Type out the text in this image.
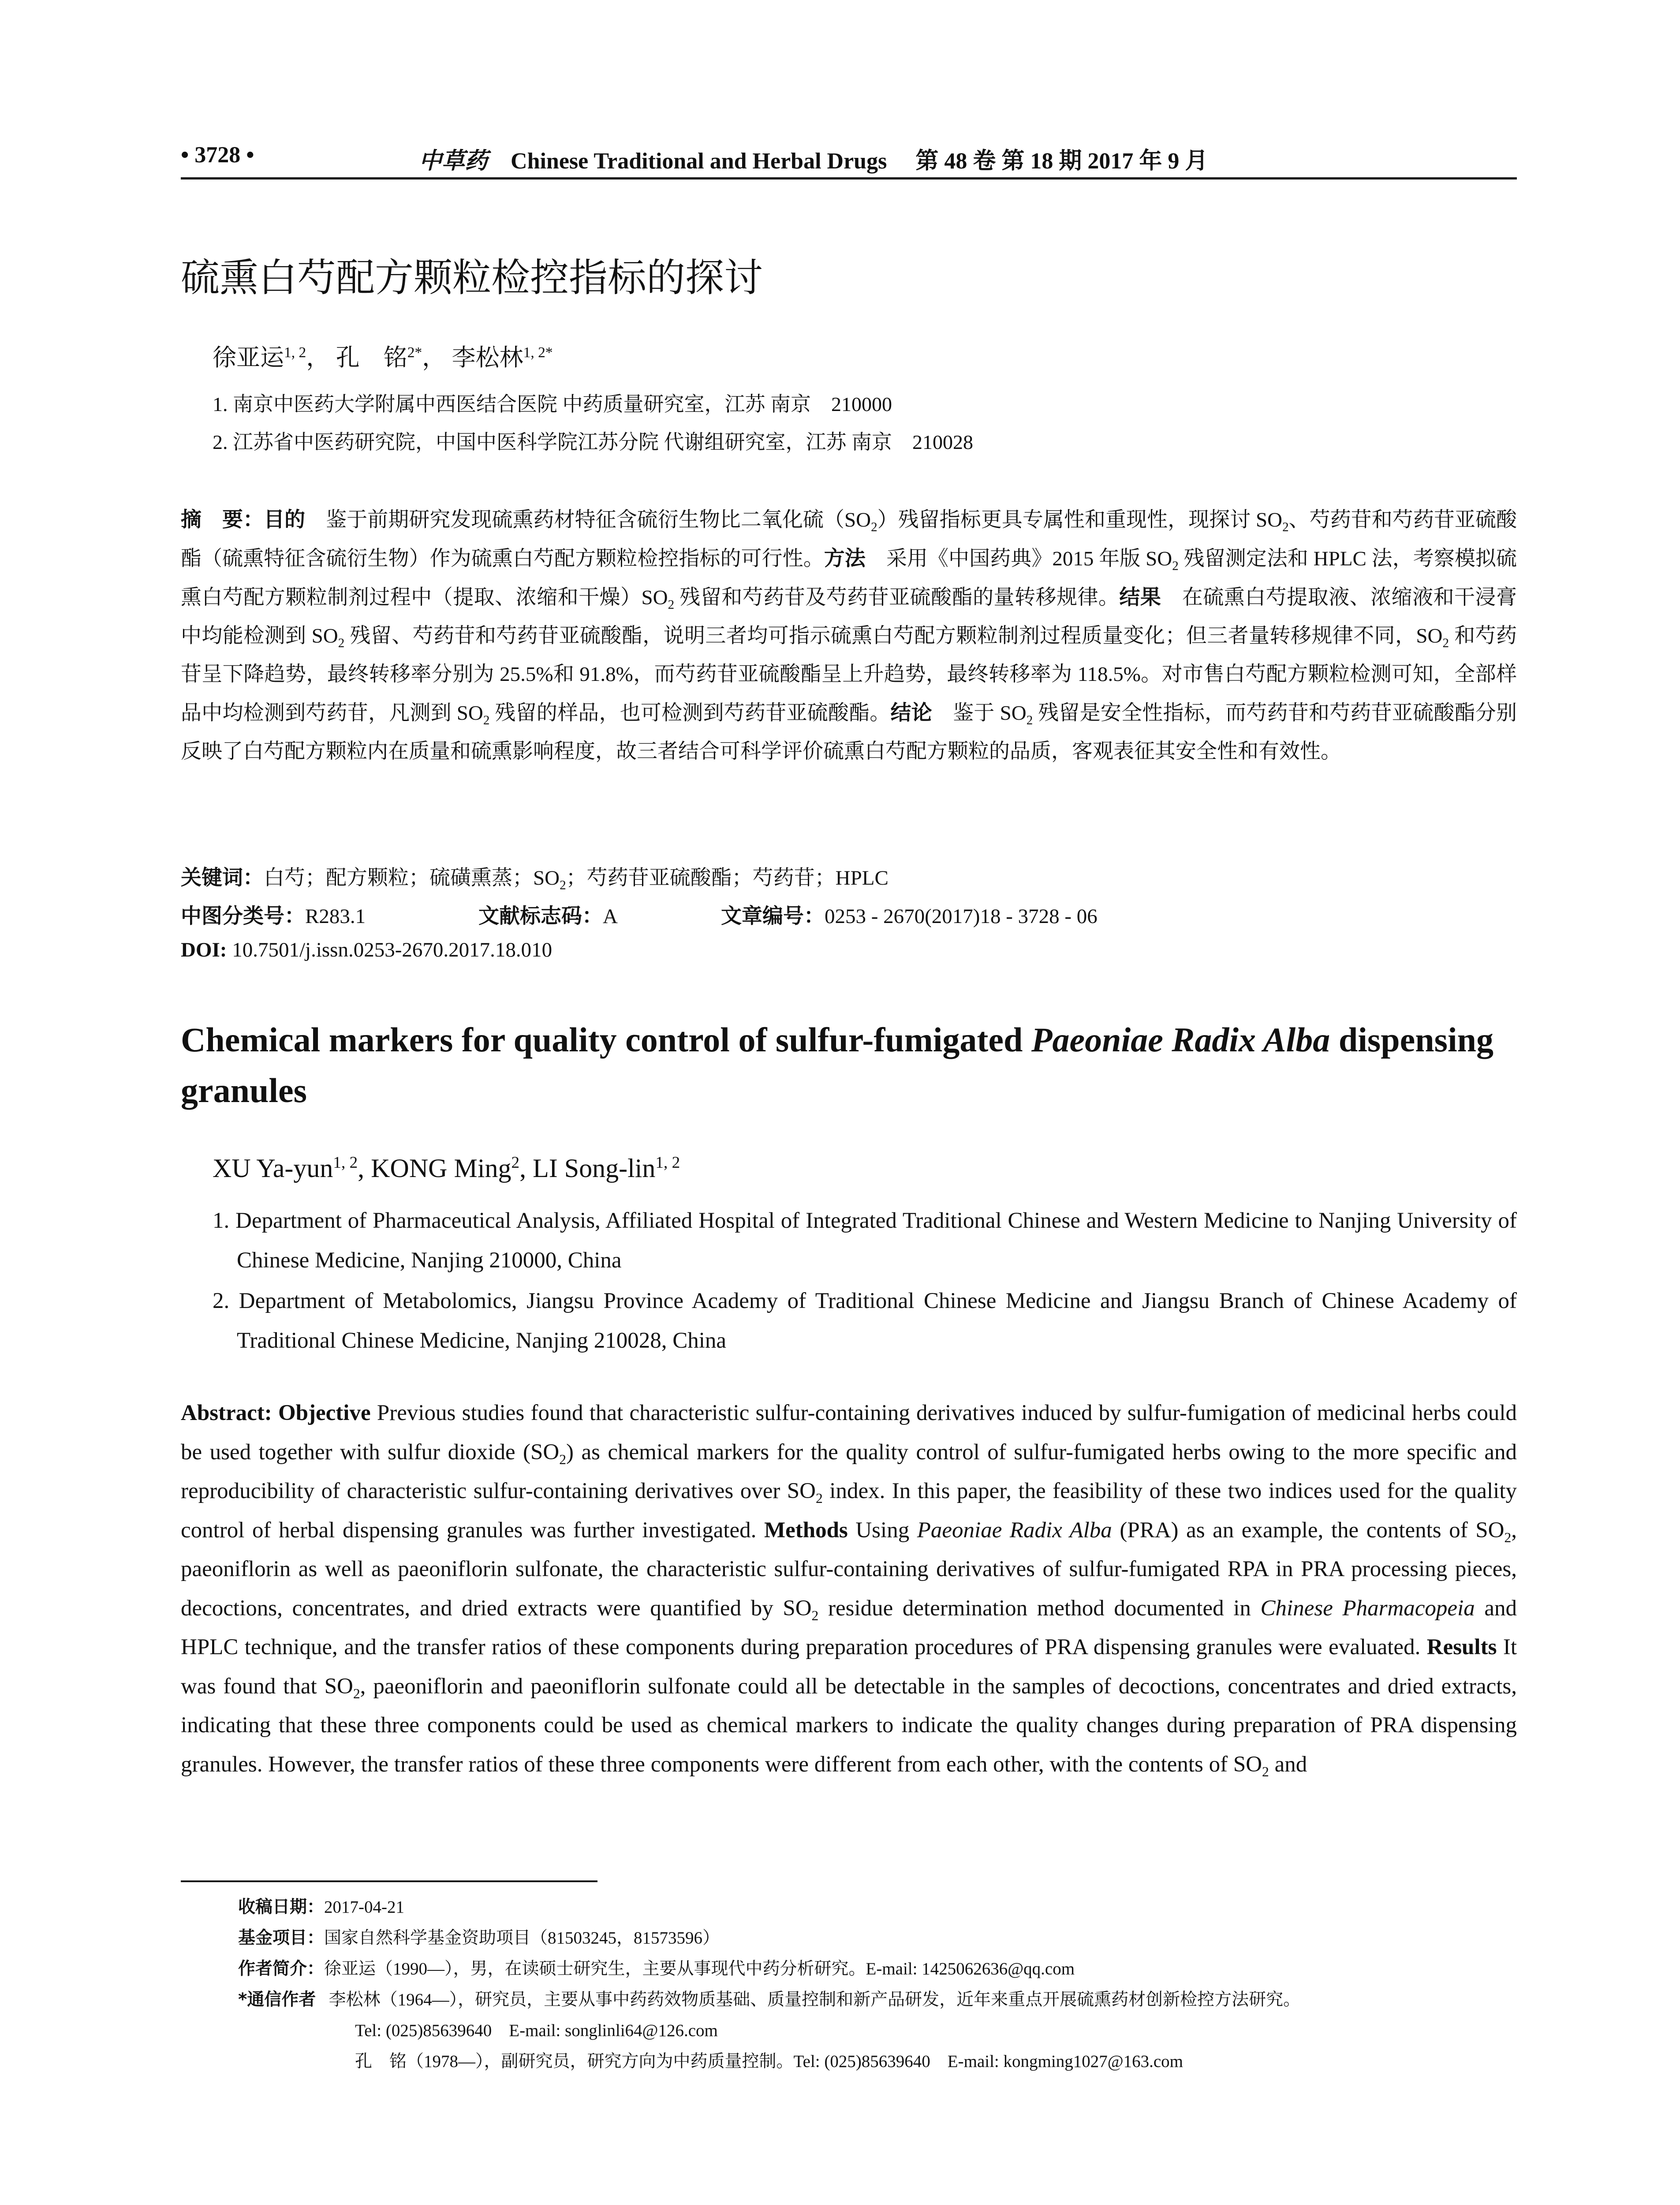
• 3728 •	中草药 Chinese Traditional and Herbal Drugs 第 48 卷 第 18 期 2017 年 9 月
硫熏白芍配方颗粒检控指标的探讨
徐亚运$^{1, 2}$， 孔　铭$^{2*}$， 李松林$^{1, 2*}$
1. 南京中医药大学附属中西医结合医院 中药质量研究室，江苏 南京　210000
2. 江苏省中医药研究院，中国中医科学院江苏分院 代谢组研究室，江苏 南京　210028
摘　要：目的　鉴于前期研究发现硫熏药材特征含硫衍生物比二氧化硫$(SO_2)$残留指标更具专属性和重现性，现探讨 $SO_2$、芍药苷和芍药苷亚硫酸酯（硫熏特征含硫衍生物）作为硫熏白芍配方颗粒检控指标的可行性。方法　采用《中国药典》2015 年版 $SO_2$ 残留测定法和 HPLC 法，考察模拟硫熏白芍配方颗粒制剂过程中（提取、浓缩和干燥）$SO_2$ 残留和芍药苷及芍药苷亚硫酸酯的量转移规律。结果　在硫熏白芍提取液、浓缩液和干浸膏中均能检测到 $SO_2$ 残留、芍药苷和芍药苷亚硫酸酯，说明三者均可指示硫熏白芍配方颗粒制剂过程质量变化；但三者量转移规律不同，$SO_2$ 和芍药苷呈下降趋势，最终转移率分别为 25.5%和 91.8%，而芍药苷亚硫酸酯呈上升趋势，最终转移率为 118.5%。对市售白芍配方颗粒检测可知，全部样品中均检测到芍药苷，凡测到 $SO_2$ 残留的样品，也可检测到芍药苷亚硫酸酯。结论　鉴于 $SO_2$ 残留是安全性指标，而芍药苷和芍药苷亚硫酸酯分别反映了白芍配方颗粒内在质量和硫熏影响程度，故三者结合可科学评价硫熏白芍配方颗粒的品质，客观表征其安全性和有效性。
关键词：白芍；配方颗粒；硫磺熏蒸；$SO_2$；芍药苷亚硫酸酯；芍药苷；HPLC
中图分类号：R283.1	文献标志码：A	文章编号：0253 - 2670(2017)18 - 3728 - 06
DOI: 10.7501/j.issn.0253-2670.2017.18.010
Chemical markers for quality control of sulfur-fumigated Paeoniae Radix Alba dispensing granules
XU Ya-yun$^{1, 2}$, KONG Ming$^2$, LI Song-lin$^{1, 2}$
1. Department of Pharmaceutical Analysis, Affiliated Hospital of Integrated Traditional Chinese and Western Medicine to Nanjing University of Chinese Medicine, Nanjing 210000, China
2. Department of Metabolomics, Jiangsu Province Academy of Traditional Chinese Medicine and Jiangsu Branch of Chinese Academy of Traditional Chinese Medicine, Nanjing 210028, China
Abstract: Objective Previous studies found that characteristic sulfur-containing derivatives induced by sulfur-fumigation of medicinal herbs could be used together with sulfur dioxide $(SO_2)$ as chemical markers for the quality control of sulfur-fumigated herbs owing to the more specific and reproducibility of characteristic sulfur-containing derivatives over $SO_2$ index. In this paper, the feasibility of these two indices used for the quality control of herbal dispensing granules was further investigated. Methods Using Paeoniae Radix Alba (PRA) as an example, the contents of $SO_2$, paeoniflorin as well as paeoniflorin sulfonate, the characteristic sulfur-containing derivatives of sulfur-fumigated RPA in PRA processing pieces, decoctions, concentrates, and dried extracts were quantified by $SO_2$ residue determination method documented in Chinese Pharmacopeia and HPLC technique, and the transfer ratios of these components during preparation procedures of PRA dispensing granules were evaluated. Results It was found that $SO_2$, paeoniflorin and paeoniflorin sulfonate could all be detectable in the samples of decoctions, concentrates and dried extracts, indicating that these three components could be used as chemical markers to indicate the quality changes during preparation of PRA dispensing granules. However, the transfer ratios of these three components were different from each other, with the contents of $SO_2$ and
收稿日期：2017-04-21
基金项目：国家自然科学基金资助项目（81503245，81573596）
作者简介：徐亚运（1990—），男，在读硕士研究生，主要从事现代中药分析研究。E-mail: 1425062636@qq.com
*通信作者 李松林（1964—），研究员，主要从事中药药效物质基础、质量控制和新产品研发，近年来重点开展硫熏药材创新检控方法研究。
Tel: (025)85639640　E-mail: songlinli64@126.com
孔　铭（1978—），副研究员，研究方向为中药质量控制。Tel: (025)85639640　E-mail: kongming1027@163.com
